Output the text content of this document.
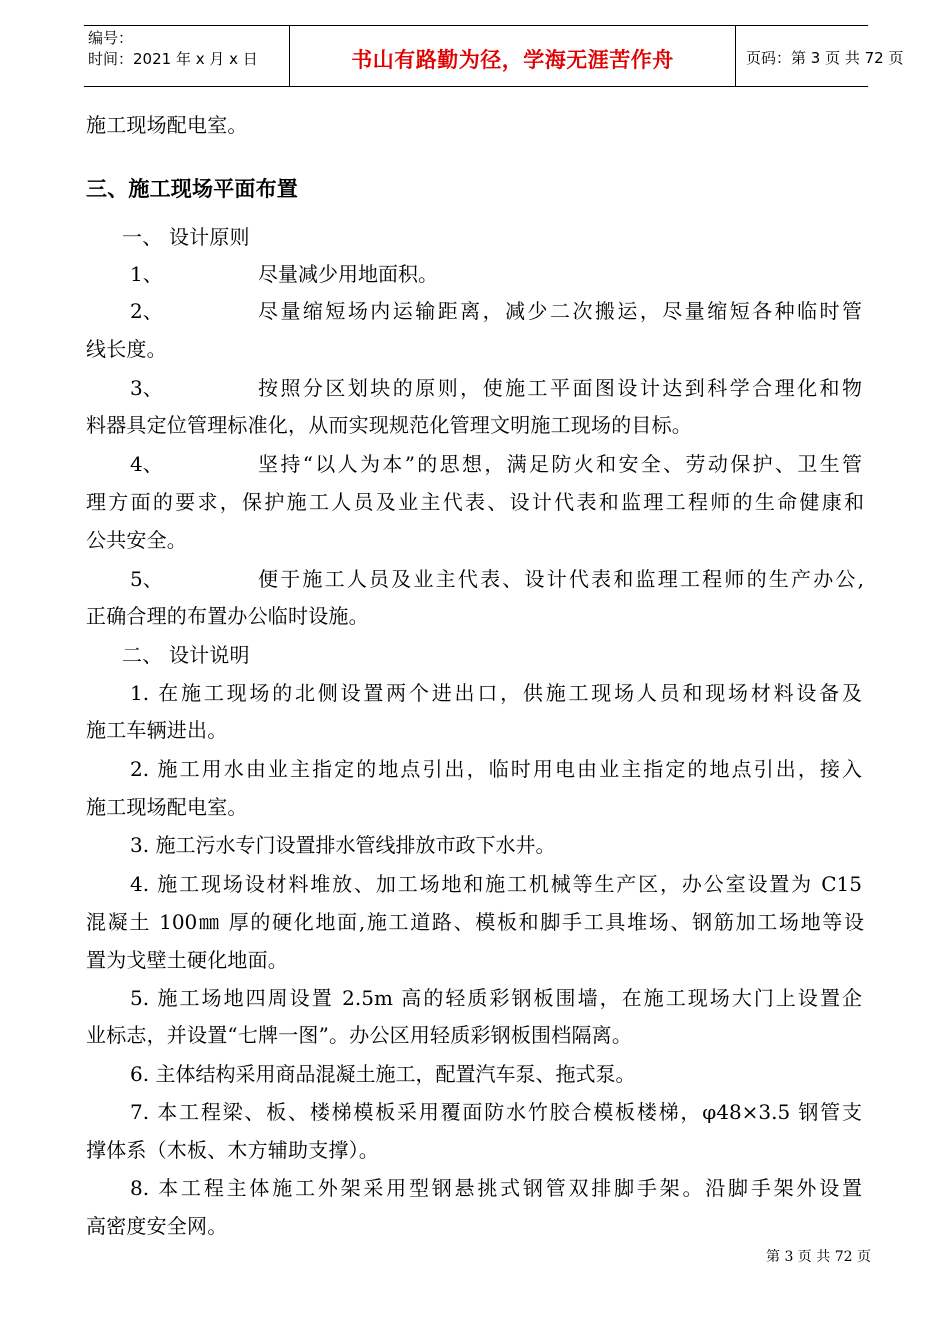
编号：
时间：2021 年 x 月 x 日	书山有路勤为径，学海无涯苦作舟	页码：第 3 页 共 72 页
施工现场配电室。
三、施工现场平面布置
一、 设计原则
1、	尽量减少用地面积。
2、	尽量缩短场内运输距离，减少二次搬运，尽量缩短各种临时管
线长度。
3、	按照分区划块的原则，使施工平面图设计达到科学合理化和物
料器具定位管理标准化，从而实现规范化管理文明施工现场的目标。
4、	坚持“以人为本”的思想，满足防火和安全、劳动保护、卫生管
理方面的要求，保护施工人员及业主代表、设计代表和监理工程师的生命健康和
公共安全。
5、	便于施工人员及业主代表、设计代表和监理工程师的生产办公,
正确合理的布置办公临时设施。
二、 设计说明
1. 在施工现场的北侧设置两个进出口，供施工现场人员和现场材料设备及
施工车辆进出。
2. 施工用水由业主指定的地点引出，临时用电由业主指定的地点引出，接入
施工现场配电室。
3. 施工污水专门设置排水管线排放市政下水井。
4. 施工现场设材料堆放、加工场地和施工机械等生产区，办公室设置为 C15
混凝土 100㎜ 厚的硬化地面,施工道路、模板和脚手工具堆场、钢筋加工场地等设
置为戈壁土硬化地面。
5. 施工场地四周设置 2.5m 高的轻质彩钢板围墙，在施工现场大门上设置企
业标志，并设置“七牌一图”。办公区用轻质彩钢板围档隔离。
6. 主体结构采用商品混凝土施工，配置汽车泵、拖式泵。
7. 本工程梁、板、楼梯模板采用覆面防水竹胶合模板楼梯，φ48×3.5 钢管支
撑体系（木板、木方辅助支撑）。
8. 本工程主体施工外架采用型钢悬挑式钢管双排脚手架。沿脚手架外设置
高密度安全网。
第 3 页 共 72 页
